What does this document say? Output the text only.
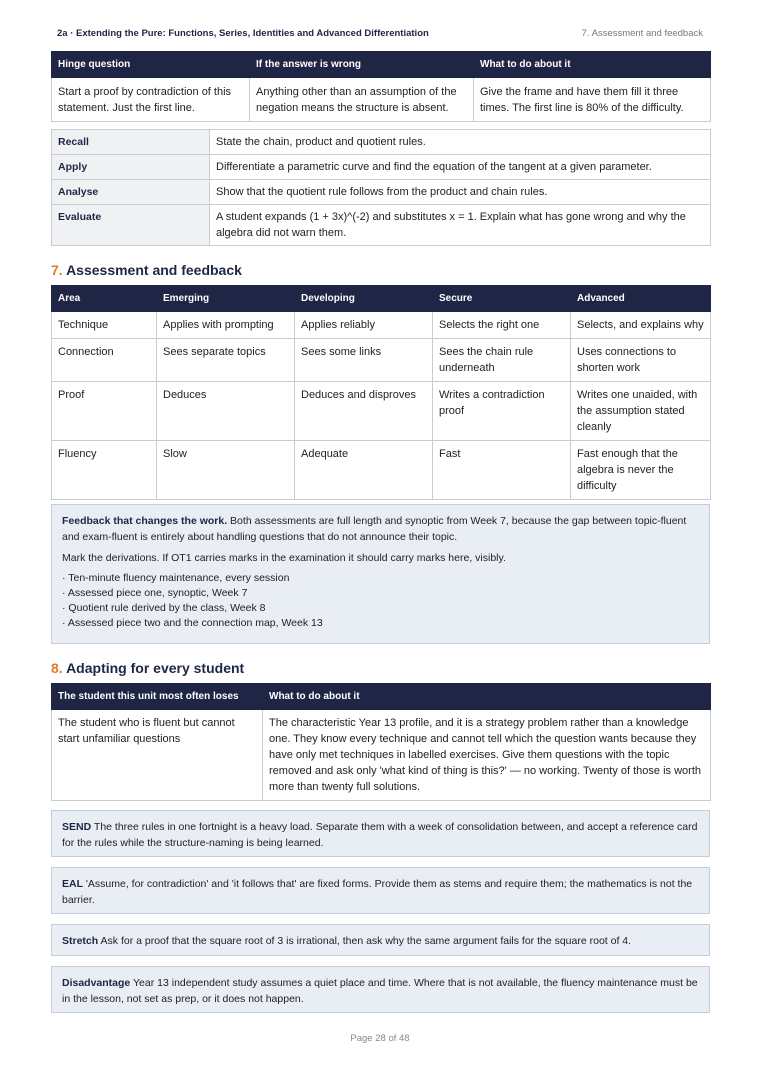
2a · Extending the Pure: Functions, Series, Identities and Advanced Differentiation	7. Assessment and feedback
Hinge question	If the answer is wrong	What to do about it
Start a proof by contradiction of this statement. Just the first line.	Anything other than an assumption of the negation means the structure is absent.	Give the frame and have them fill it three times. The first line is 80% of the difficulty.
Recall	State the chain, product and quotient rules.
Apply	Differentiate a parametric curve and find the equation of the tangent at a given parameter.
Analyse	Show that the quotient rule follows from the product and chain rules.
Evaluate	A student expands (1 + 3x)^(-2) and substitutes x = 1. Explain what has gone wrong and why the algebra did not warn them.
7. Assessment and feedback
Area	Emerging	Developing	Secure	Advanced
Technique	Applies with prompting	Applies reliably	Selects the right one	Selects, and explains why
Connection	Sees separate topics	Sees some links	Sees the chain rule underneath	Uses connections to shorten work
Proof	Deduces	Deduces and disproves	Writes a contradiction proof	Writes one unaided, with the assumption stated cleanly
Fluency	Slow	Adequate	Fast	Fast enough that the algebra is never the difficulty

Feedback that changes the work. Both assessments are full length and synoptic from Week 7, because the gap between topic-fluent and exam-fluent is entirely about handling questions that do not announce their topic.

Mark the derivations. If OT1 carries marks in the examination it should carry marks here, visibly.

· Ten-minute fluency maintenance, every session
· Assessed piece one, synoptic, Week 7
· Quotient rule derived by the class, Week 8
· Assessed piece two and the connection map, Week 13
8. Adapting for every student
The student this unit most often loses	What to do about it
The student who is fluent but cannot start unfamiliar questions	The characteristic Year 13 profile, and it is a strategy problem rather than a knowledge one. They know every technique and cannot tell which the question wants because they have only met techniques in labelled exercises. Give them questions with the topic removed and ask only 'what kind of thing is this?' — no working. Twenty of those is worth more than twenty full solutions.
SEND The three rules in one fortnight is a heavy load. Separate them with a week of consolidation between, and accept a reference card for the rules while the structure-naming is being learned.
EAL 'Assume, for contradiction' and 'it follows that' are fixed forms. Provide them as stems and require them; the mathematics is not the barrier.
Stretch Ask for a proof that the square root of 3 is irrational, then ask why the same argument fails for the square root of 4.
Disadvantage Year 13 independent study assumes a quiet place and time. Where that is not available, the fluency maintenance must be in the lesson, not set as prep, or it does not happen.
Page 28 of 48
